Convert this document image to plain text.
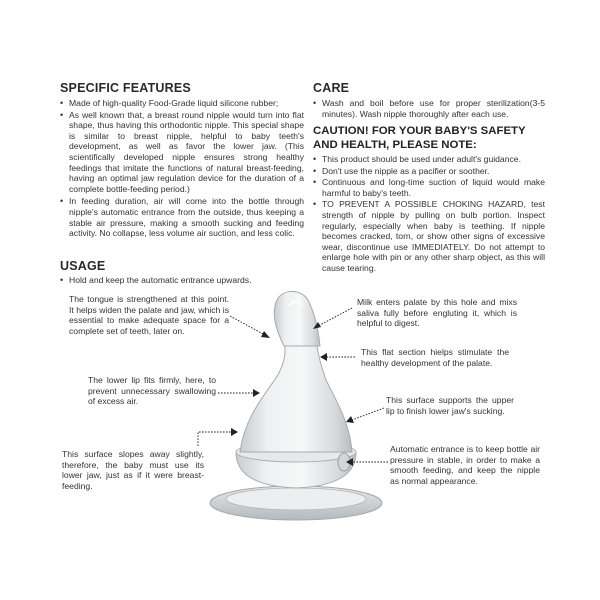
SPECIFIC FEATURES
• Made of high-quality Food-Grade liquid silicone rubber;
• As well known that, a breast round nipple would turn into flat shape, thus having this orthodontic nipple. This special shape is similar to breast nipple, helpful to baby teeth's development, as well as favor the lower jaw. (This scientifically developed nipple ensures strong healthy feedings that imitate the functions of natural breast-feeding, having an optimal jaw regulation device for the duration of a complete bottle-feeding period.)
• In feeding duration, air will come into the bottle through nipple's automatic entrance from the outside, thus keeping a stable air pressure, making a smooth sucking and feeding activity. No collapse, less volume air suction, and less colic.
USAGE
• Hold and keep the automatic entrance upwards.
CARE
• Wash and boil before use for proper sterilization(3-5 minutes). Wash nipple thoroughly after each use.
CAUTION! FOR YOUR BABY'S SAFETY AND HEALTH, PLEASE NOTE:
• This product should be used under adult's guidance.
• Don't use the nipple as a pacifier or soother.
• Continuous and long-time suction of liquid would make harmful to baby's teeth.
• TO PREVENT A POSSIBLE CHOKING HAZARD, test strength of nipple by pulling on bulb portion. Inspect regularly, especially when baby is teething. If nipple becomes cracked, torn, or show other signs of excessive wear, discontinue use IMMEDIATELY. Do not attempt to enlarge hole with pin or any other sharp object, as this will cause tearing.
The tongue is strengthened at this point. It helps widen the palate and jaw, which is essential to make adequate space for a complete set of teeth, later on.
Milk enters palate by this hole and mixs saliva fully before engluting it, which is helpful to digest.
This flat section hielps stimulate the healthy development of the palate.
The lower lip fits firmly, here, to prevent unnecessary swallowing of excess air.	This surface supports the upper lip to finish lower jaw's sucking.
This surface slopes away slightly, therefore, the baby must use its lower jaw, just as if it were breast-feeding.
Automatic entrance is to keep bottle air pressure in stable, in order to make a smooth feeding, and keep the nipple as normal appearance.
